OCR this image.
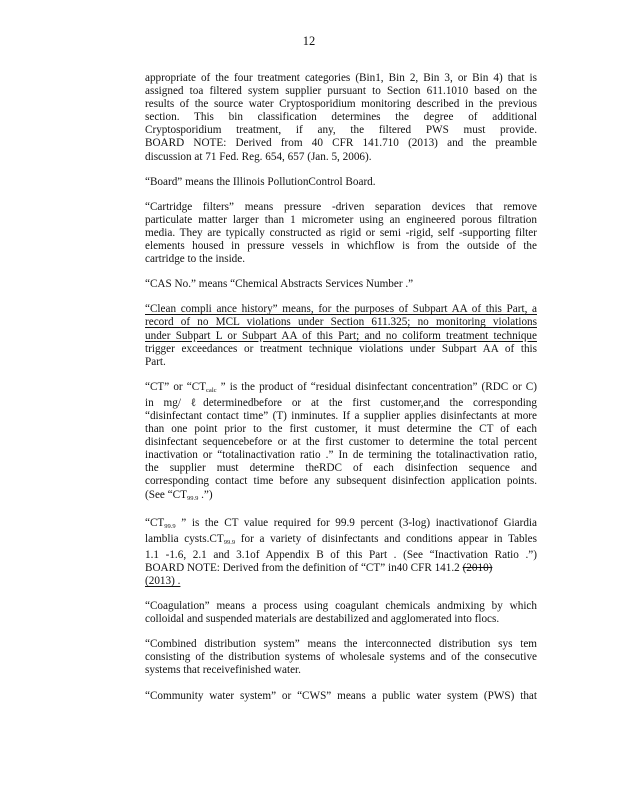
12
appropriate of the four treatment categories (Bin1, Bin 2, Bin 3, or Bin 4) that is
assigned toa filtered system supplier pursuant to Section 611.1010 based on the
results of the source water Cryptosporidium monitoring described in the previous
section. This bin classification determines the degree of additional
Cryptosporidium treatment, if any, the filtered PWS must provide.
BOARD NOTE: Derived from 40 CFR 141.710 (2013) and the preamble
discussion at 71 Fed. Reg. 654, 657 (Jan. 5, 2006).
“Board” means the Illinois PollutionControl Board.
“Cartridge filters” means pressure -driven separation devices that remove
particulate matter larger than 1 micrometer using an engineered porous filtration
media. They are typically constructed as rigid or semi -rigid, self -supporting filter
elements housed in pressure vessels in whichflow is from the outside of the
cartridge to the inside.
“CAS No.” means “Chemical Abstracts Services Number .”
“Clean compli ance history” means, for the purposes of Subpart AA of this Part, a
record of no MCL violations under Section 611.325; no monitoring violations
under Subpart L or Subpart AA of this Part; and no coliform treatment technique
trigger exceedances or treatment technique violations under Subpart AA of this
Part.
“CT” or “$CT_{calc}$ ” is the product of “residual disinfectant concentration” (RDC or C)
in mg/ ℓdeterminedbefore or at the first customer,and the corresponding
“disinfectant contact time” (T) inminutes. If a supplier applies disinfectants at more
than one point prior to the first customer, it must determine the CT of each
disinfectant sequencebefore or at the first customer to determine the total percent
inactivation or “totalinactivation ratio .” In de termining the totalinactivation ratio,
the supplier must determine theRDC of each disinfection sequence and
corresponding contact time before any subsequent disinfection application points.
(See “$CT_{99.9}$ .”)
“$CT_{99.9}$ ” is the CT value required for 99.9 percent (3-log) inactivationof Giardia
lamblia $cysts.CT_{99.9}$ for a variety of disinfectants and conditions appear in Tables
1.1 -1.6, 2.1 and 3.1of Appendix B of this Part . (See “Inactivation Ratio .”)
BOARD NOTE: Derived from the definition of “CT” in40 CFR 141.2 (2010)
(2013) .
“Coagulation” means a process using coagulant chemicals andmixing by which
colloidal and suspended materials are destabilized and agglomerated into flocs.
“Combined distribution system” means the interconnected distribution sys tem
consisting of the distribution systems of wholesale systems and of the consecutive
systems that receivefinished water.
“Community water system” or “CWS” means a public water system (PWS) that
